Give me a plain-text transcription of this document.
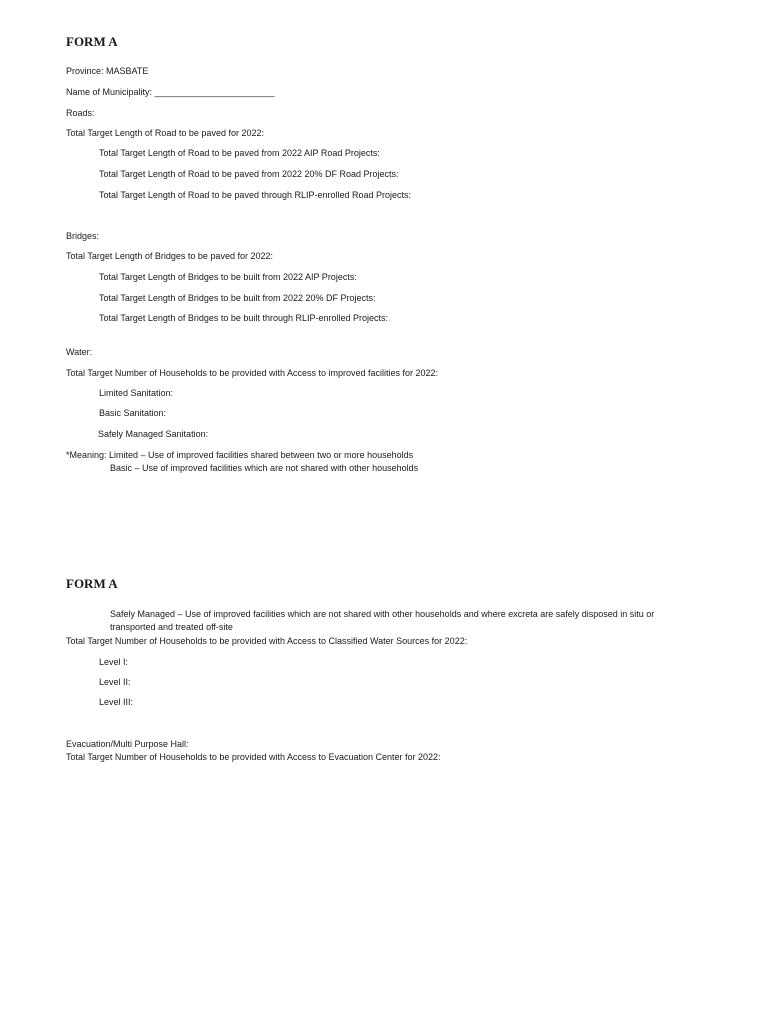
FORM A
Province: MASBATE
Name of Municipality: ________________________
Roads:
Total Target Length of Road to be paved for 2022:
Total Target Length of Road to be paved from 2022 AIP Road Projects:
Total Target Length of Road to be paved from 2022 20% DF Road Projects:
Total Target Length of Road to be paved through RLIP-enrolled Road Projects:
Bridges:
Total Target Length of Bridges to be paved for 2022:
Total Target Length of Bridges to be built from 2022 AIP Projects:
Total Target Length of Bridges to be built from 2022 20% DF Projects:
Total Target Length of Bridges to be built through RLIP-enrolled Projects:
Water:
Total Target Number of Households to be provided with Access to improved facilities for 2022:
Limited Sanitation:
Basic Sanitation:
Safely Managed Sanitation:
*Meaning: Limited – Use of improved facilities shared between two or more households
Basic – Use of improved facilities which are not shared with other households
FORM A
Safely Managed – Use of improved facilities which are not shared with other households and where excreta are safely disposed in situ or
transported and treated off-site
Total Target Number of Households to be provided with Access to Classified Water Sources for 2022:
Level I:
Level II:
Level III:
Evacuation/Multi Purpose Hall:
Total Target Number of Households to be provided with Access to Evacuation Center for 2022:
